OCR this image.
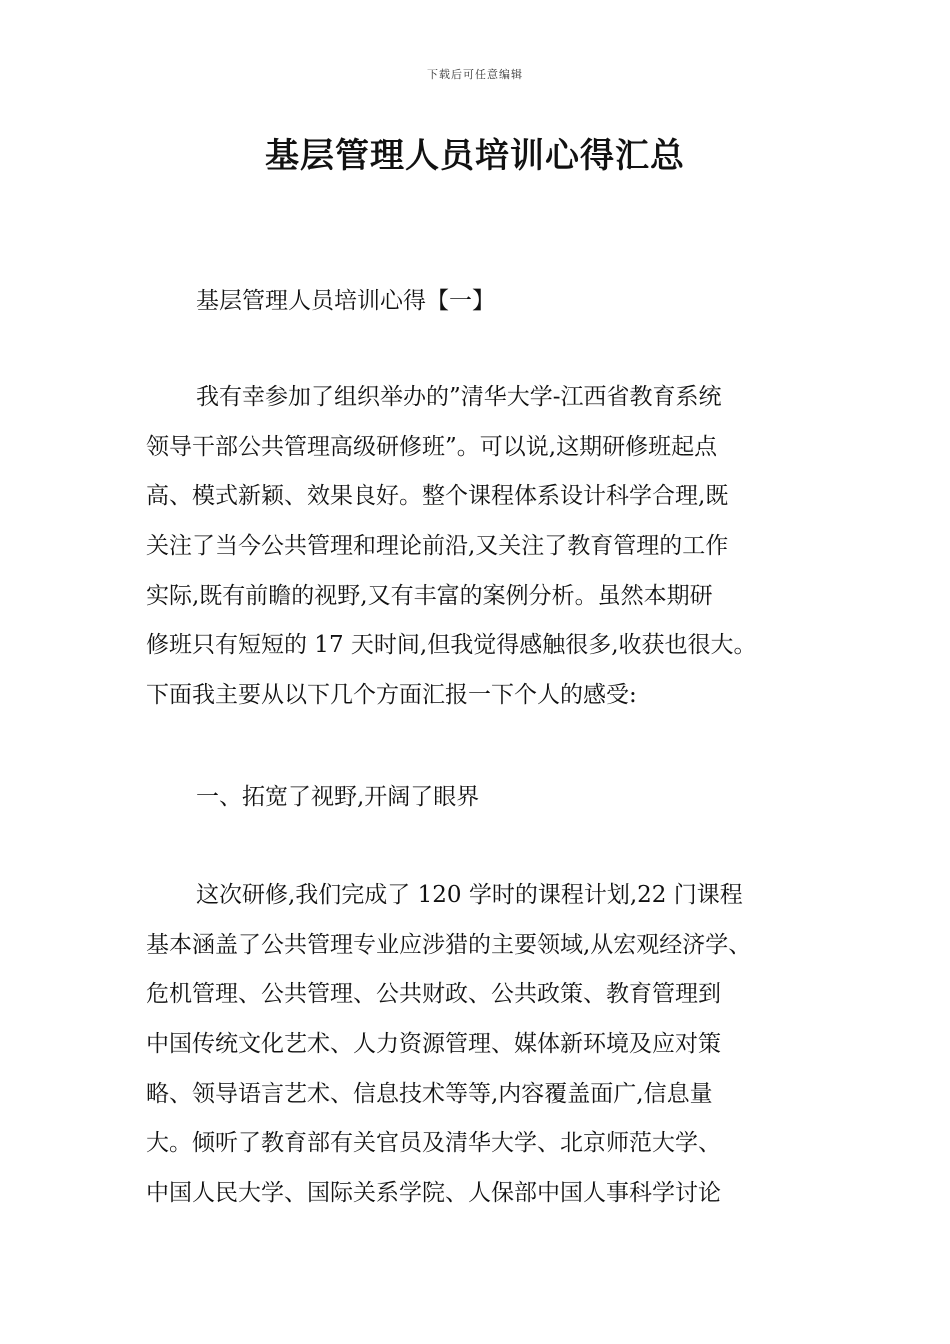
下载后可任意编辑
基层管理人员培训心得汇总
基层管理人员培训心得【一】
我有幸参加了组织举办的”清华大学-江西省教育系统
领导干部公共管理高级研修班”。可以说,这期研修班起点
高、模式新颖、效果良好。整个课程体系设计科学合理,既
关注了当今公共管理和理论前沿,又关注了教育管理的工作
实际,既有前瞻的视野,又有丰富的案例分析。虽然本期研
修班只有短短的 17 天时间,但我觉得感触很多,收获也很大。
下面我主要从以下几个方面汇报一下个人的感受:
一、拓宽了视野,开阔了眼界
这次研修,我们完成了 120 学时的课程计划,22 门课程
基本涵盖了公共管理专业应涉猎的主要领域,从宏观经济学、
危机管理、公共管理、公共财政、公共政策、教育管理到
中国传统文化艺术、人力资源管理、媒体新环境及应对策
略、领导语言艺术、信息技术等等,内容覆盖面广,信息量
大。倾听了教育部有关官员及清华大学、北京师范大学、
中国人民大学、国际关系学院、人保部中国人事科学讨论
